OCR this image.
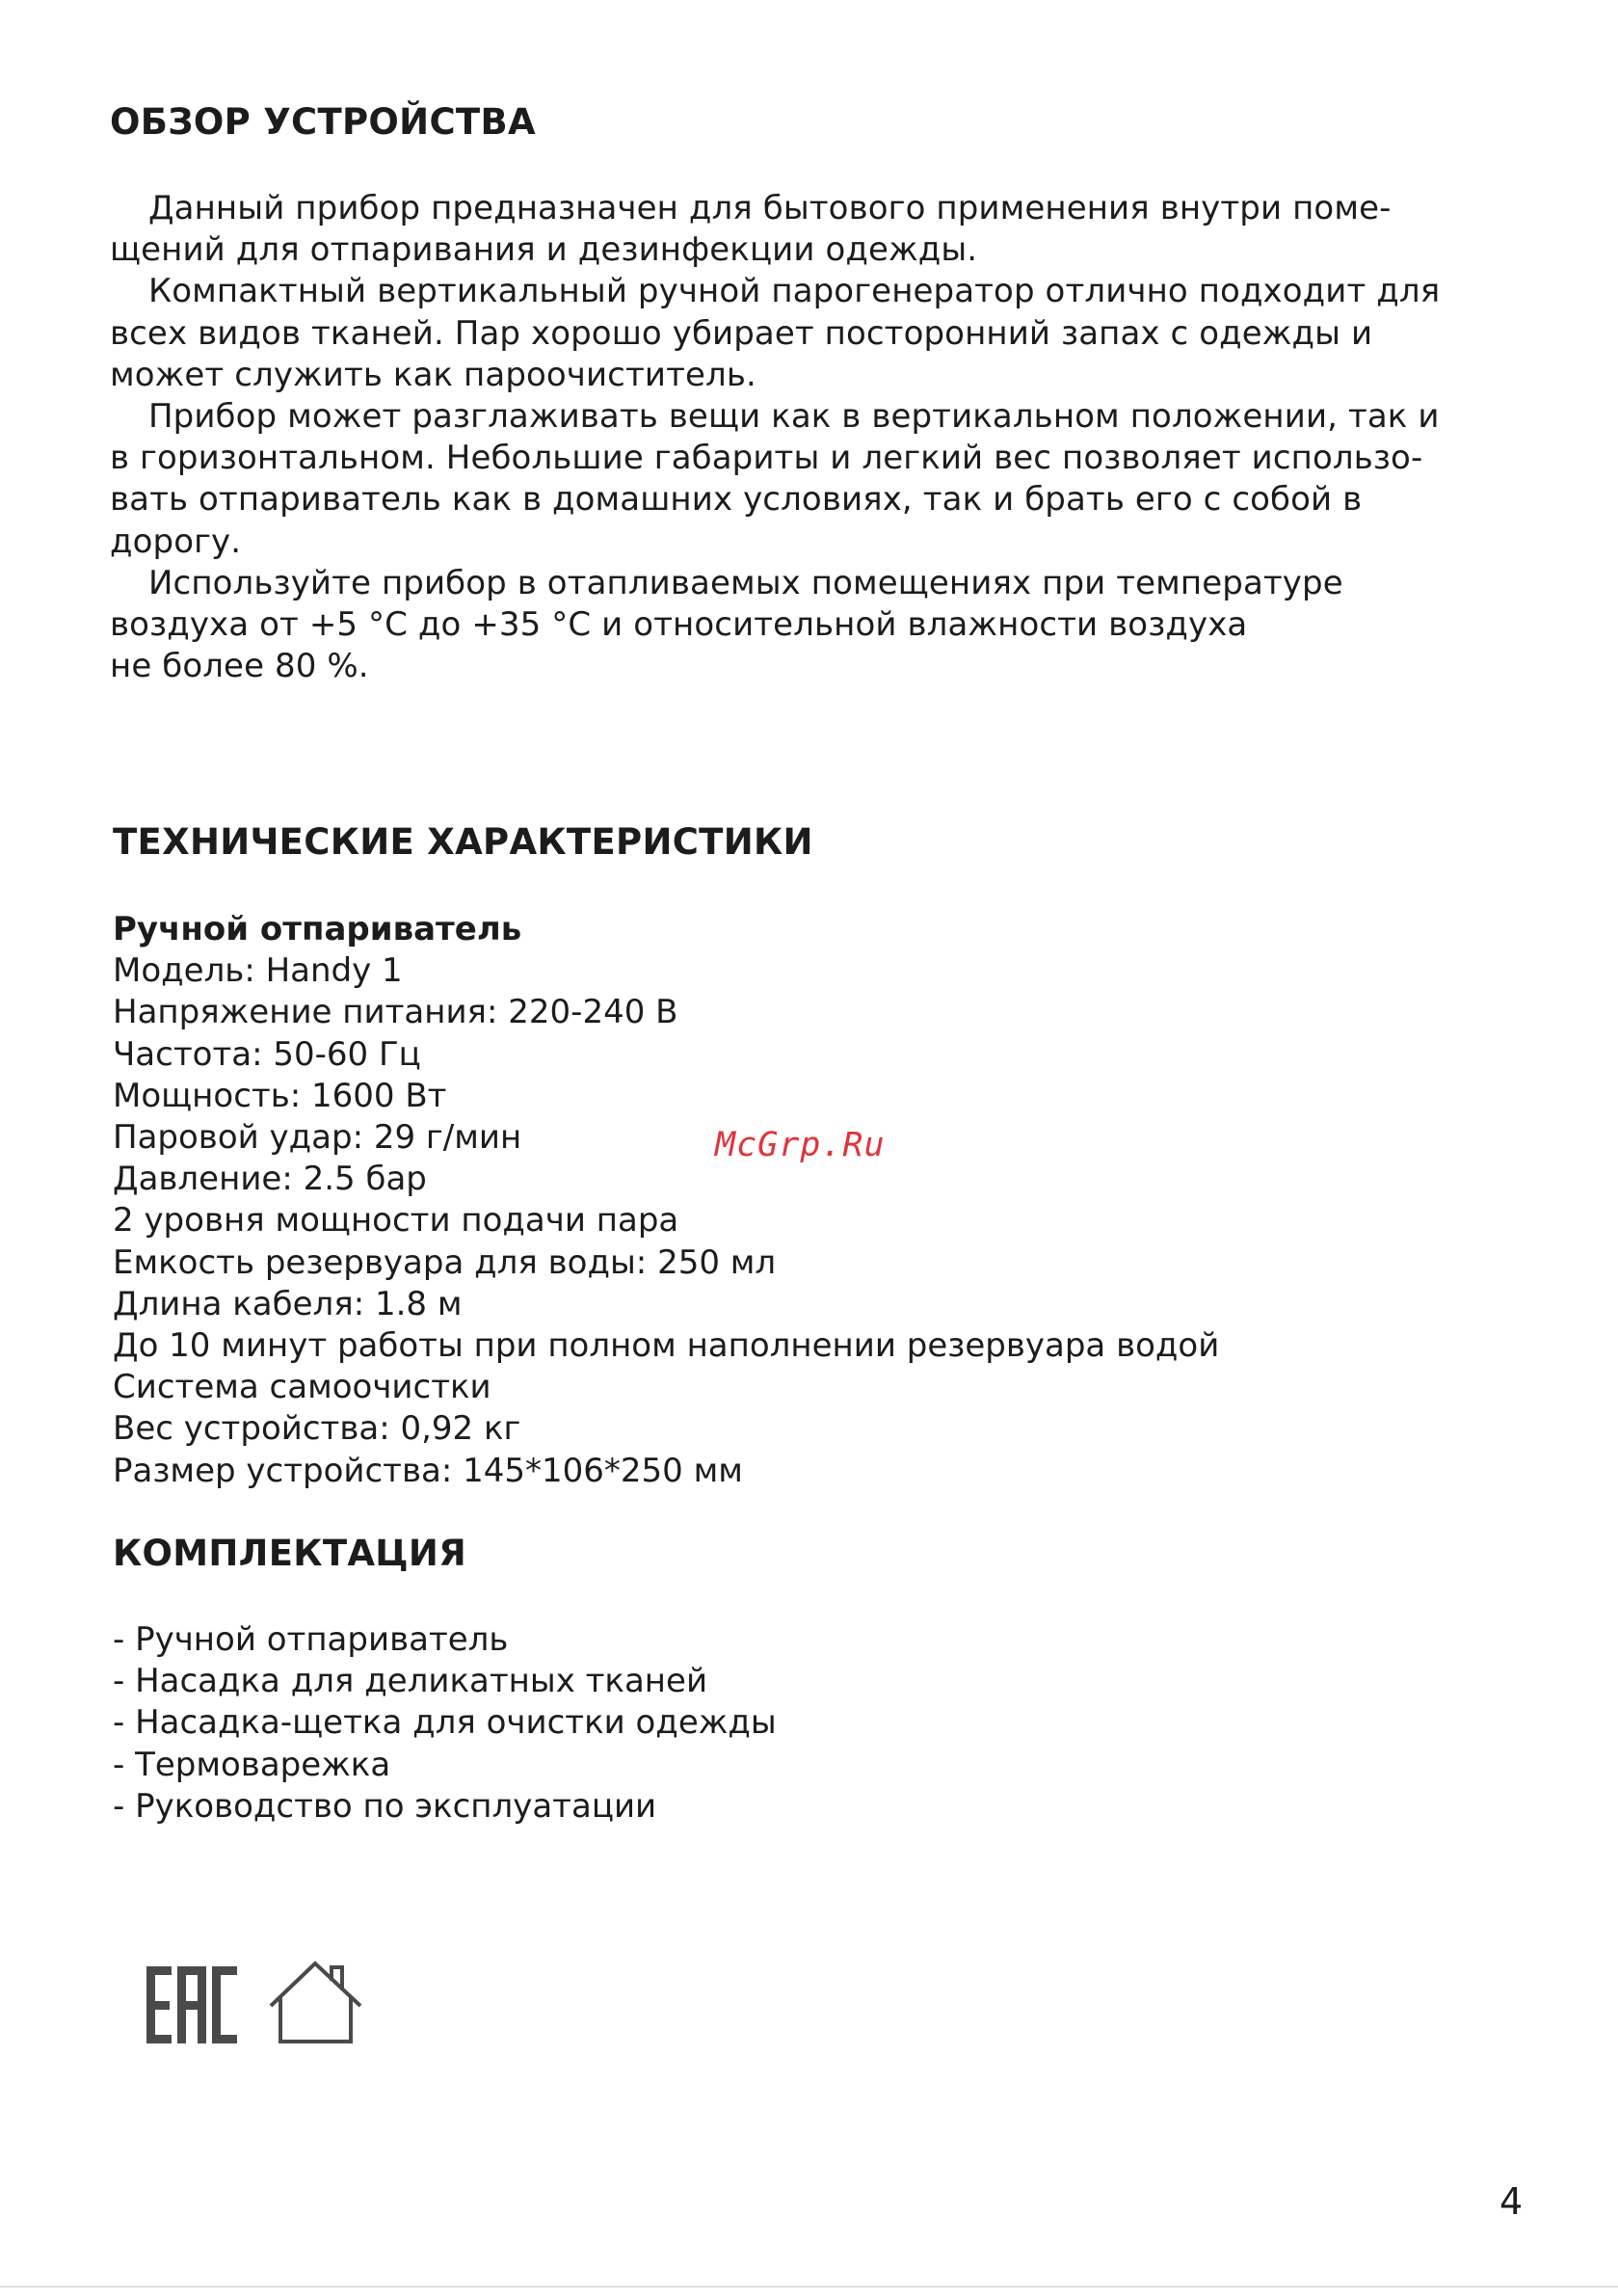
ОБЗОР УСТРОЙСТВА
Данный прибор предназначен для бытового применения внутри поме-
щений для отпаривания и дезинфекции одежды.
Компактный вертикальный ручной парогенератор отлично подходит для
всех видов тканей. Пар хорошо убирает посторонний запах с одежды и
может служить как пароочиститель.
Прибор может разглаживать вещи как в вертикальном положении, так и
в горизонтальном. Небольшие габариты и легкий вес позволяет использо-
вать отпариватель как в домашних условиях, так и брать его с собой в
дорогу.
Используйте прибор в отапливаемых помещениях при температуре
воздуха от +5 °С до +35 °С и относительной влажности воздуха
не более 80 %.
ТЕХНИЧЕСКИЕ ХАРАКТЕРИСТИКИ
Ручной отпариватель
Модель: Handy 1
Напряжение питания: 220-240 В
Частота: 50-60 Гц
Мощность: 1600 Вт
Паровой удар: 29 г/мин
Давление: 2.5 бар
2 уровня мощности подачи пара
Емкость резервуара для воды: 250 мл
Длина кабеля: 1.8 м
До 10 минут работы при полном наполнении резервуара водой
Система самоочистки
Вес устройства: 0,92 кг
Размер устройства: 145*106*250 мм
McGrp.Ru
КОМПЛЕКТАЦИЯ
- Ручной отпариватель
- Насадка для деликатных тканей
- Насадка-щетка для очистки одежды
- Термоварежка
- Руководство по эксплуатации
4
